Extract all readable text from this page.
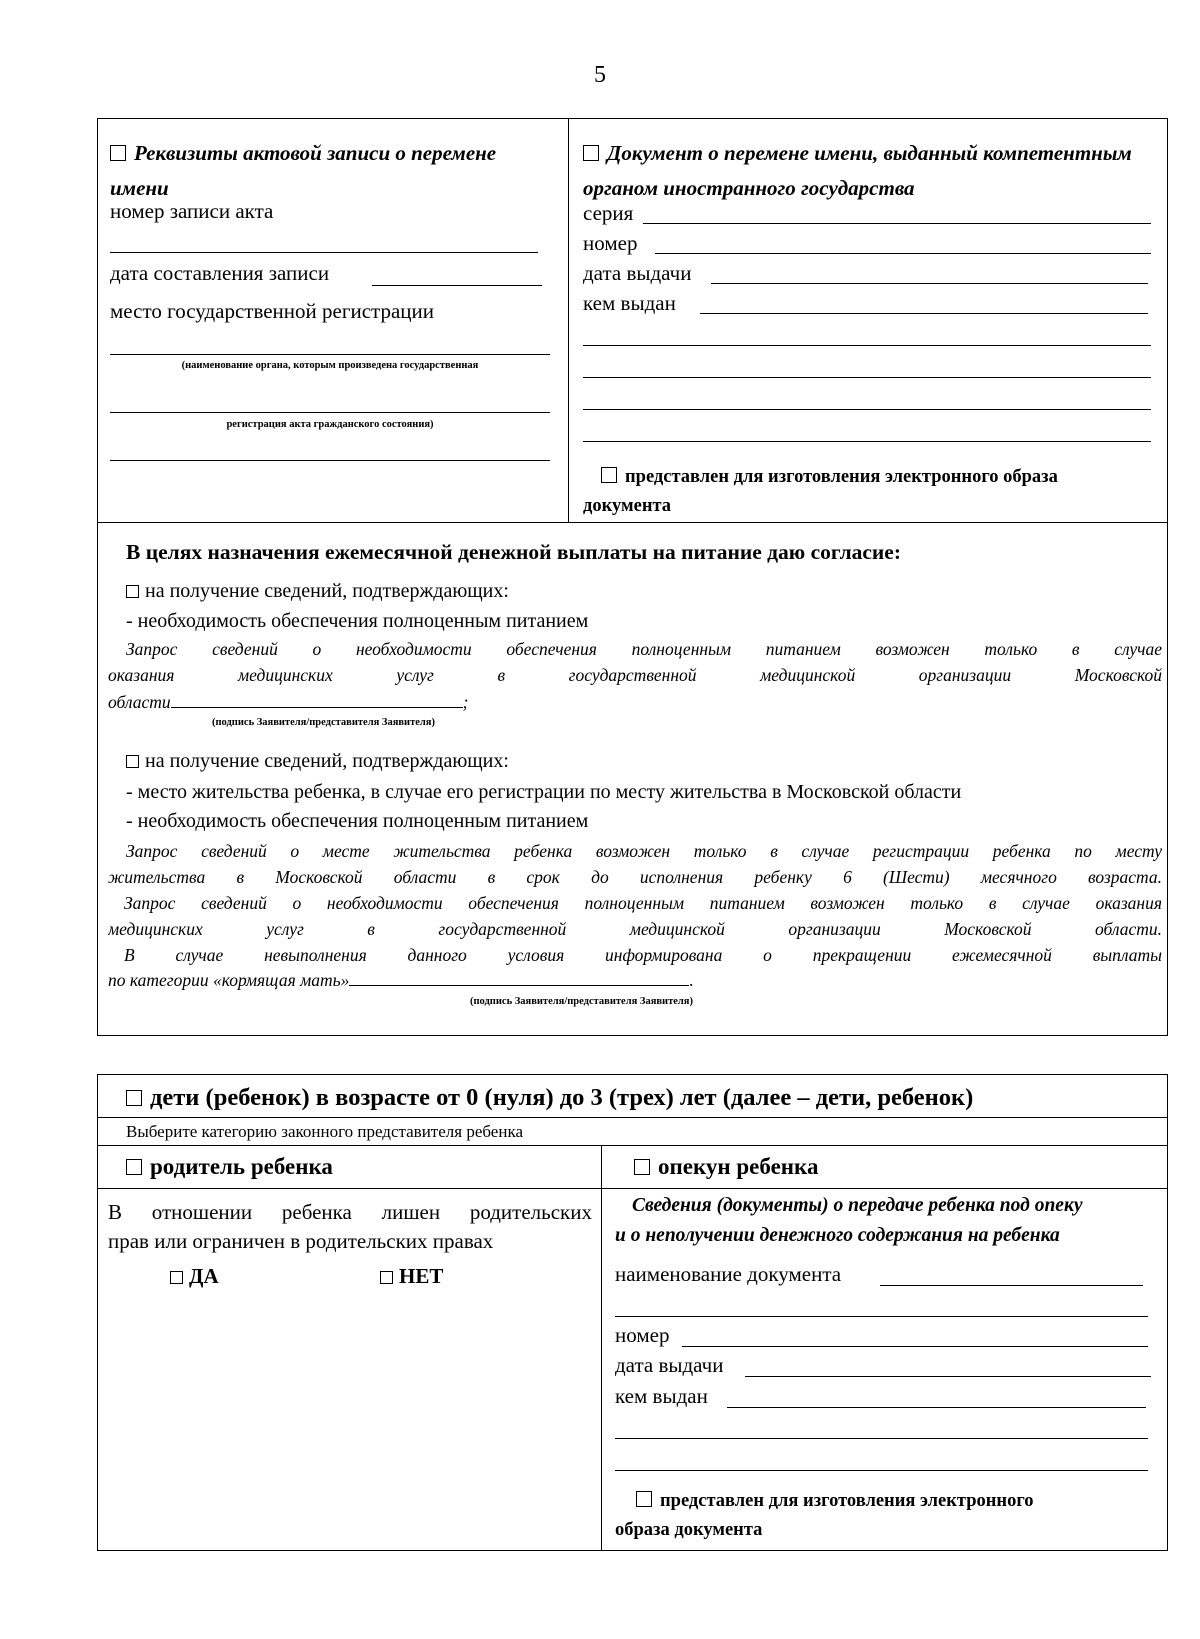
5
Реквизиты актовой записи о перемене имени
номер записи акта
дата составления записи
место государственной регистрации
(наименование органа, которым произведена государственная
регистрация акта гражданского состояния)
Документ о перемене имени, выданный компетентным органом иностранного государства
серия
номер
дата выдачи
кем выдан
представлен для изготовления электронного образа документа
В целях назначения ежемесячной денежной выплаты на питание даю согласие:
на получение сведений, подтверждающих:
- необходимость обеспечения полноценным питанием
Запрос сведений о необходимости обеспечения полноценным питанием возможен только в случае
оказания медицинских услуг в государственной медицинской организации Московской
области	;
(подпись Заявителя/представителя Заявителя)
на получение сведений, подтверждающих:
- место жительства ребенка, в случае его регистрации по месту жительства в Московской области
- необходимость обеспечения полноценным питанием
Запрос сведений о месте жительства ребенка возможен только в случае регистрации ребенка по месту
жительства в Московской области в срок до исполнения ребенку 6 (Шести) месячного возраста.
Запрос сведений о необходимости обеспечения полноценным питанием возможен только в случае оказания
медицинских услуг в государственной медицинской организации Московской области.
В случае невыполнения данного условия информирована о прекращении ежемесячной выплаты
по категории «кормящая мать»	.
(подпись Заявителя/представителя Заявителя)
дети (ребенок) в возрасте от 0 (нуля) до 3 (трех) лет (далее – дети, ребенок)
Выберите категорию законного представителя ребенка
родитель ребенка	опекун ребенка
В отношении ребенка лишен родительских
прав или ограничен в родительских правах
ДА	НЕТ
Сведения (документы) о передаче ребенка под опеку
и о неполучении денежного содержания на ребенка
наименование документа
номер
дата выдачи
кем выдан
представлен для изготовления электронного
образа документа
